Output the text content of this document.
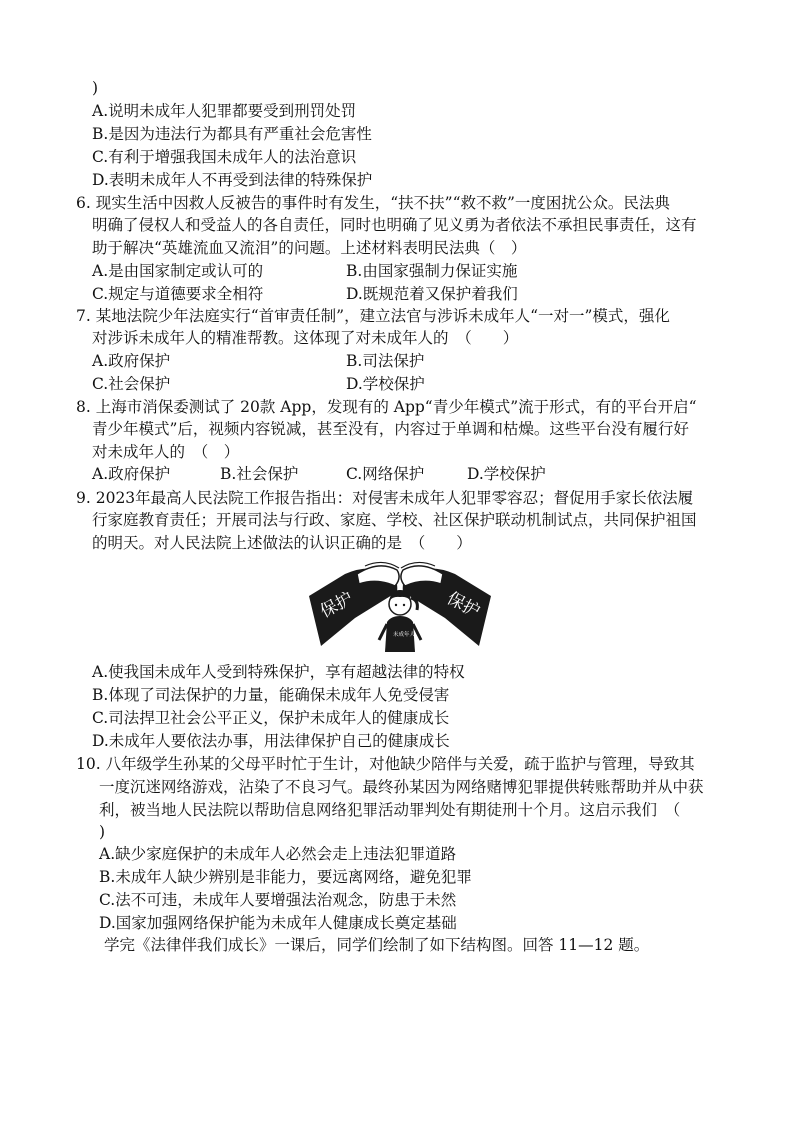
)
A.说明未成年人犯罪都要受到刑罚处罚
B.是因为违法行为都具有严重社会危害性
C.有利于增强我国未成年人的法治意识
D.表明未成年人不再受到法律的特殊保护
6. 现实生活中因救人反被告的事件时有发生，“扶不扶”“救不救”一度困扰公众。民法典
明确了侵权人和受益人的各自责任，同时也明确了见义勇为者依法不承担民事责任，这有
助于解决“英雄流血又流泪”的问题。上述材料表明民法典（　）
A.是由国家制定或认可的	B.由国家强制力保证实施
C.规定与道德要求全相符	D.既规范着又保护着我们
7. 某地法院少年法庭实行“首审责任制”，建立法官与涉诉未成年人“一对一”模式，强化
对涉诉未成年人的精准帮教。这体现了对未成年人的　（　　）
A.政府保护	B.司法保护
C.社会保护	D.学校保护
8. 上海市消保委测试了 20款 App，发现有的 App“青少年模式”流于形式，有的平台开启“
青少年模式”后，视频内容锐减，甚至没有，内容过于单调和枯燥。这些平台没有履行好
对未成年人的　（　）
A.政府保护	B.社会保护	C.网络保护	D.学校保护
9. 2023年最高人民法院工作报告指出：对侵害未成年人犯罪零容忍；督促用手家长依法履
行家庭教育责任；开展司法与行政、家庭、学校、社区保护联动机制试点，共同保护祖国
的明天。对人民法院上述做法的认识正确的是　（　　）
保护	保护
未成年人
A.使我国未成年人受到特殊保护，享有超越法律的特权
B.体现了司法保护的力量，能确保未成年人免受侵害
C.司法捍卫社会公平正义，保护未成年人的健康成长
D.未成年人要依法办事，用法律保护自己的健康成长
10. 八年级学生孙某的父母平时忙于生计，对他缺少陪伴与关爱，疏于监护与管理，导致其
一度沉迷网络游戏，沾染了不良习气。最终孙某因为网络赌博犯罪提供转账帮助并从中获
利，被当地人民法院以帮助信息网络犯罪活动罪判处有期徒刑十个月。这启示我们　（
)
A.缺少家庭保护的未成年人必然会走上违法犯罪道路
B.未成年人缺少辨别是非能力，要远离网络，避免犯罪
C.法不可违，未成年人要增强法治观念，防患于未然
D.国家加强网络保护能为未成年人健康成长奠定基础
学完《法律伴我们成长》一课后，同学们绘制了如下结构图。回答 11—12 题。
